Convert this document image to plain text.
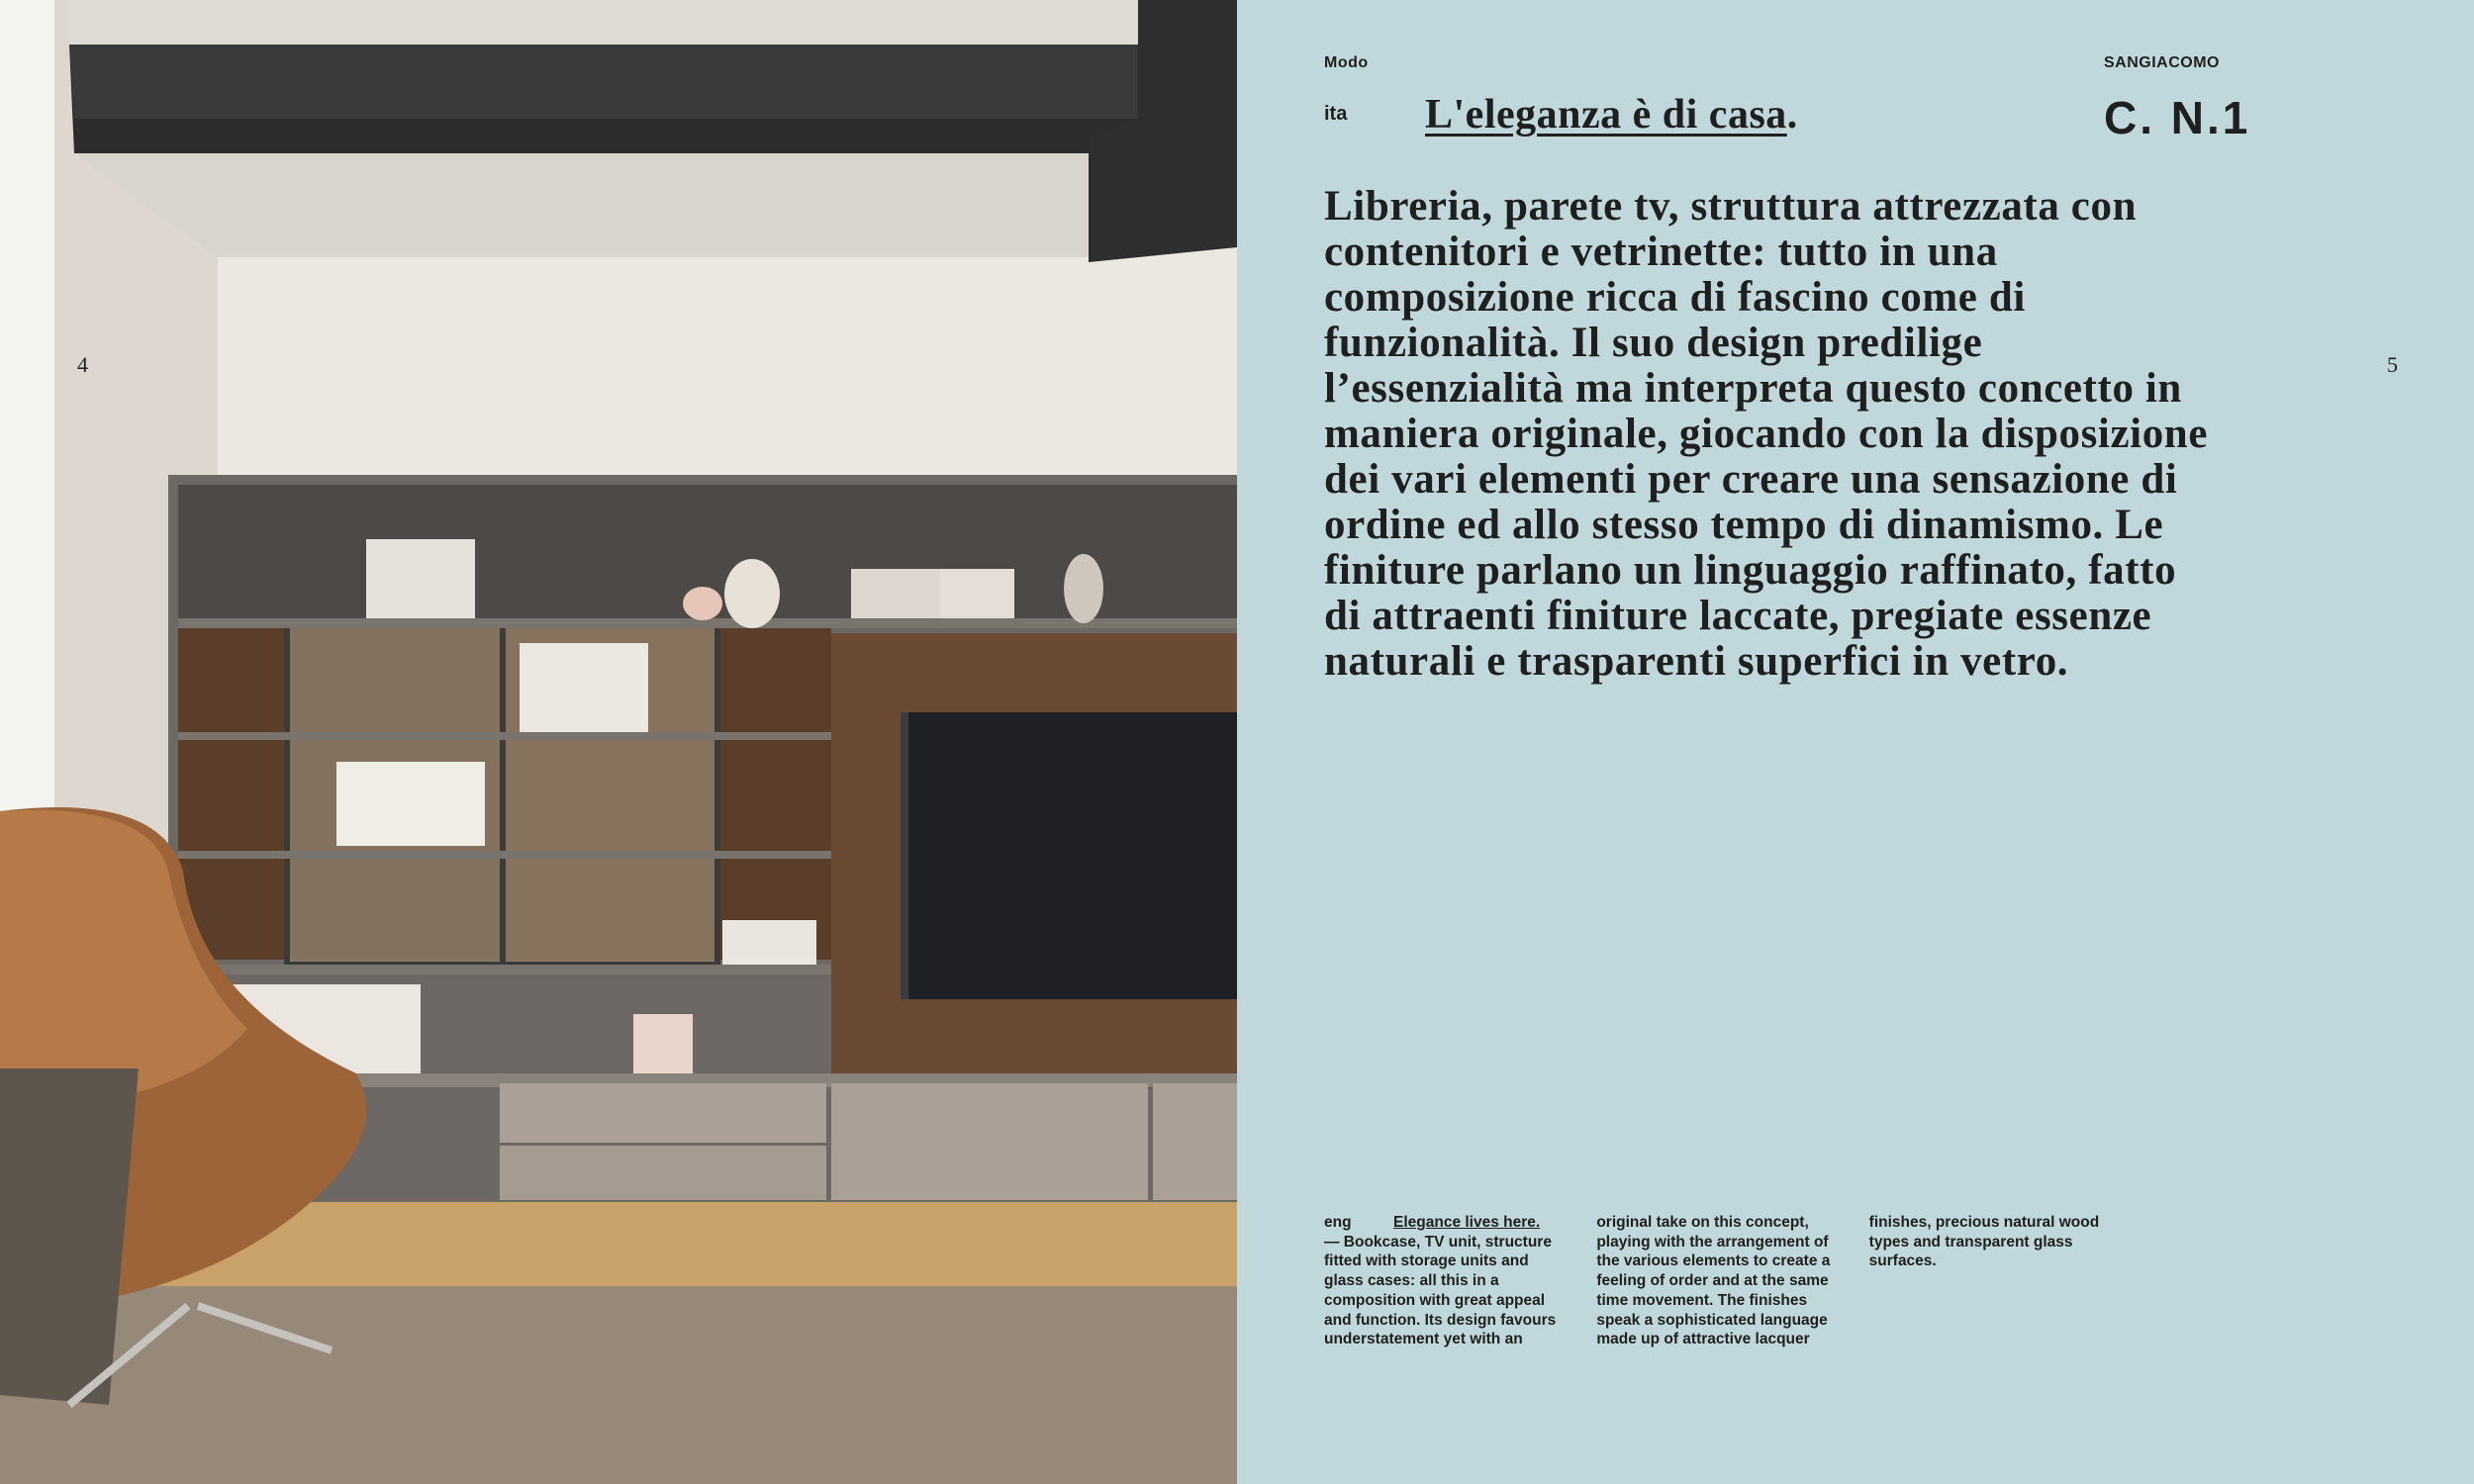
4
Modo	SANGIACOMO
ita L'eleganza è di casa.	C. N.1
Libreria, parete tv, struttura attrezzata con contenitori e vetrinette: tutto in una composizione ricca di fascino come di funzionalità. Il suo design predilige l’essenzialità ma interpreta questo concetto in maniera originale, giocando con la disposizione dei vari elementi per creare una sensazione di ordine ed allo stesso tempo di dinamismo. Le finiture parlano un linguaggio raffinato, fatto di attraenti finiture laccate, pregiate essenze naturali e trasparenti superfici in vetro.
eng	Elegance lives here.
— Bookcase, TV unit, structure fitted with storage units and glass cases: all this in a composition with great appeal and function. Its design favours understatement yet with an original take on this concept, playing with the arrangement of the various elements to create a feeling of order and at the same time movement. The finishes speak a sophisticated language made up of attractive lacquer finishes, precious natural wood types and transparent glass surfaces.
5
